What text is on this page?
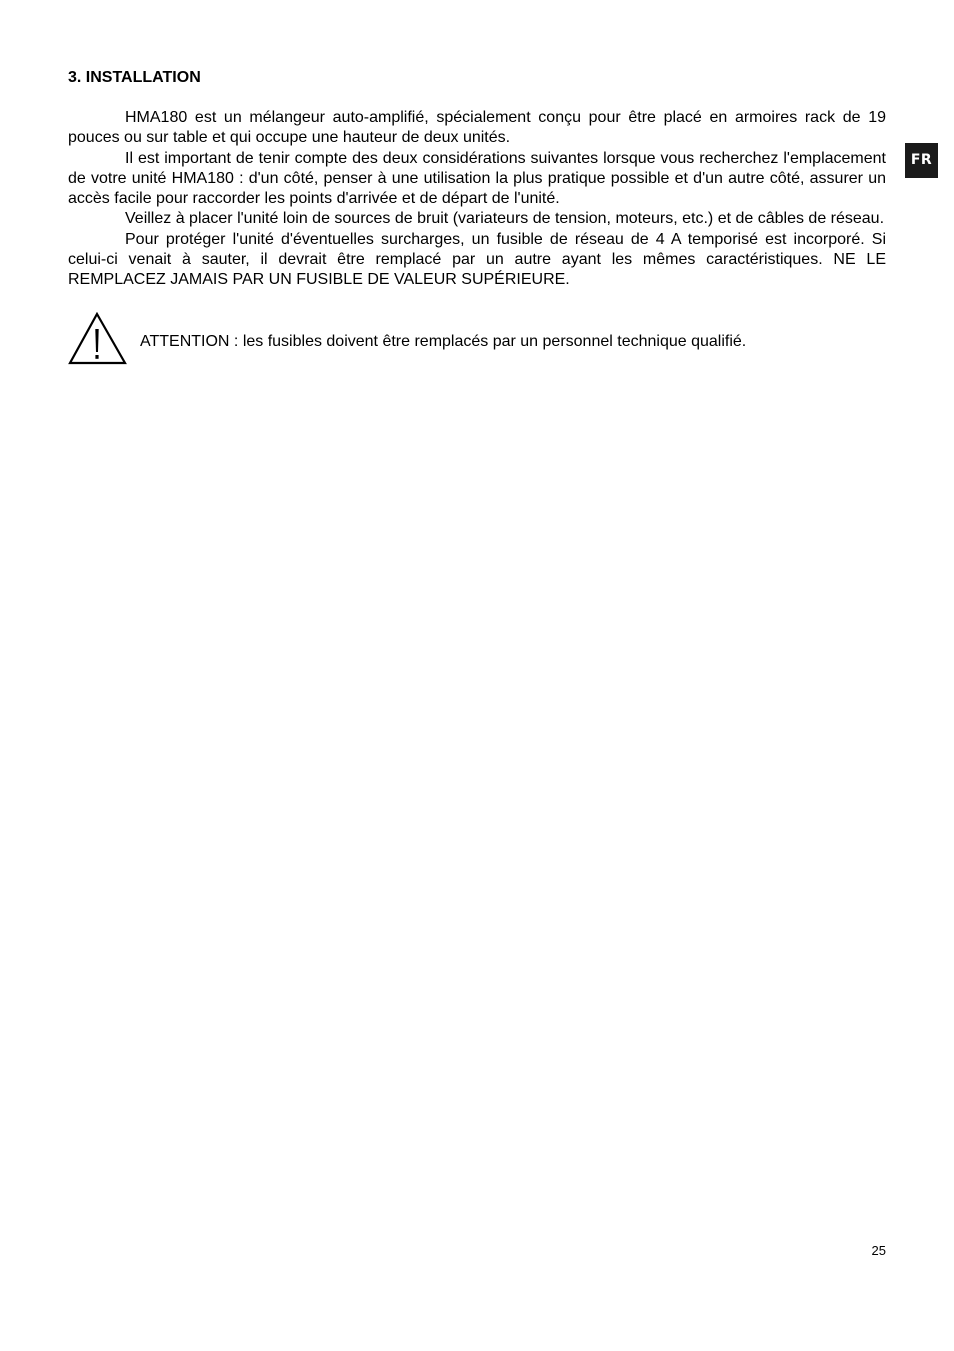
3. INSTALLATION

HMA180 est un mélangeur auto-amplifié, spécialement conçu pour être placé en armoires rack de 19 pouces ou sur table et qui occupe une hauteur de deux unités.

Il est important de tenir compte des deux considérations suivantes lorsque vous recherchez l'emplacement de votre unité HMA180 : d'un côté, penser à une utilisation la plus pratique possible et d'un autre côté, assurer un accès facile pour raccorder les points d'arrivée et de départ de l'unité.

Veillez à placer l'unité loin de sources de bruit (variateurs de tension, moteurs, etc.) et de câbles de réseau.

Pour protéger l'unité d'éventuelles surcharges, un fusible de réseau de 4 A temporisé est incorporé. Si celui-ci venait à sauter, il devrait être remplacé par un autre ayant les mêmes caractéristiques. NE LE REMPLACEZ JAMAIS PAR UN FUSIBLE DE VALEUR SUPÉRIEURE.

ATTENTION : les fusibles doivent être remplacés par un personnel technique qualifié.
FR
25
